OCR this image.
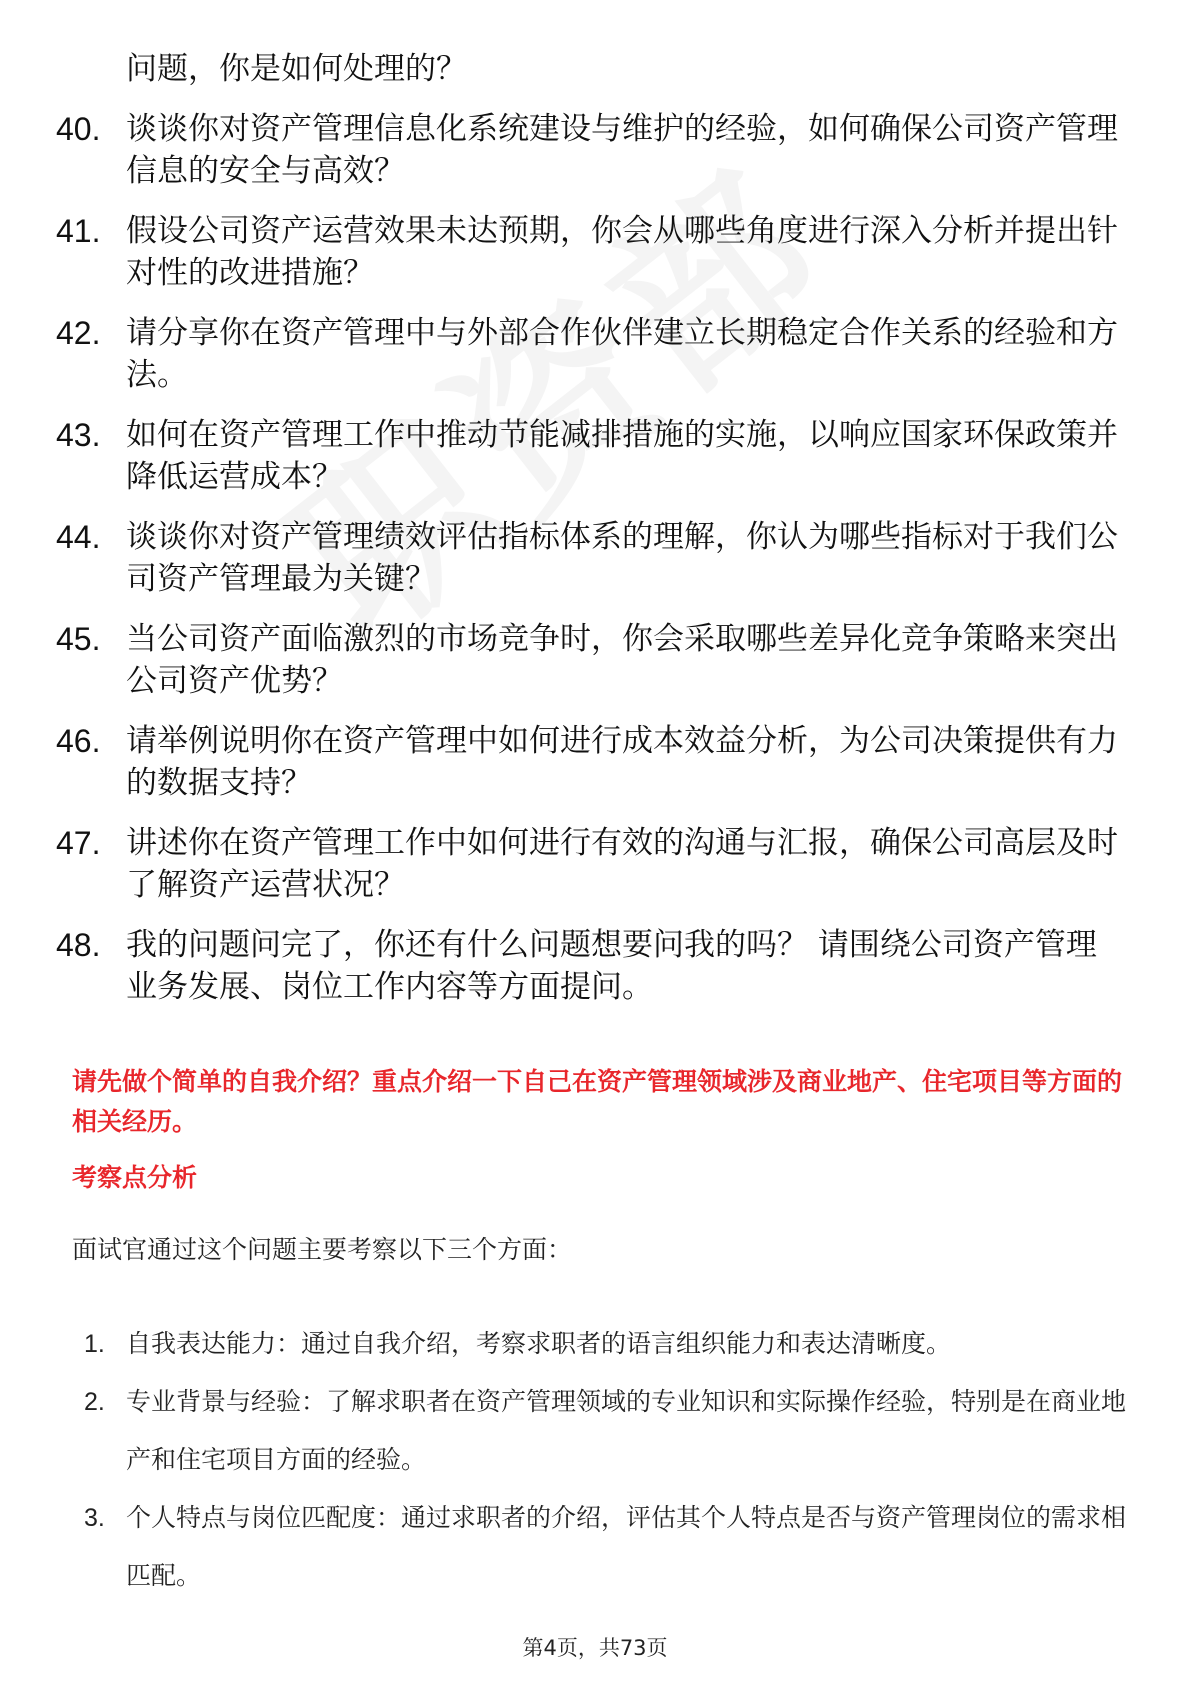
问题，你是如何处理的？
40. 谈谈你对资产管理信息化系统建设与维护的经验，如何确保公司资产管理信息的安全与高效？
41. 假设公司资产运营效果未达预期，你会从哪些角度进行深入分析并提出针对性的改进措施？
42. 请分享你在资产管理中与外部合作伙伴建立长期稳定合作关系的经验和方法。
43. 如何在资产管理工作中推动节能减排措施的实施，以响应国家环保政策并降低运营成本？
44. 谈谈你对资产管理绩效评估指标体系的理解，你认为哪些指标对于我们公司资产管理最为关键？
45. 当公司资产面临激烈的市场竞争时，你会采取哪些差异化竞争策略来突出公司资产优势？
46. 请举例说明你在资产管理中如何进行成本效益分析，为公司决策提供有力的数据支持？
47. 讲述你在资产管理工作中如何进行有效的沟通与汇报，确保公司高层及时了解资产运营状况？
48. 我的问题问完了，你还有什么问题想要问我的吗？ 请围绕公司资产管理业务发展、岗位工作内容等方面提问。
请先做个简单的自我介绍？重点介绍一下自己在资产管理领域涉及商业地产、住宅项目等方面的相关经历。
考察点分析
面试官通过这个问题主要考察以下三个方面：
1. 自我表达能力：通过自我介绍，考察求职者的语言组织能力和表达清晰度。
2. 专业背景与经验：了解求职者在资产管理领域的专业知识和实际操作经验，特别是在商业地产和住宅项目方面的经验。
3. 个人特点与岗位匹配度：通过求职者的介绍，评估其个人特点是否与资产管理岗位的需求相匹配。
第4页，共73页
